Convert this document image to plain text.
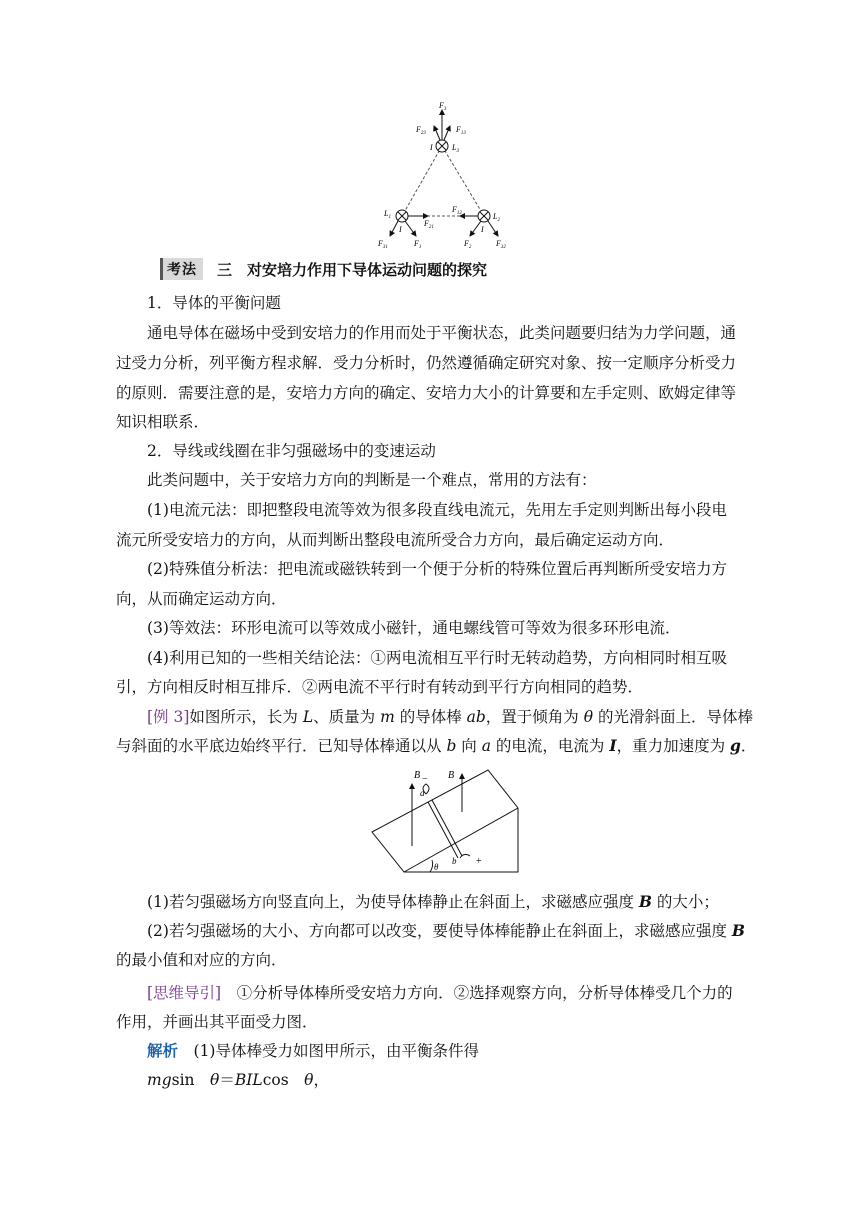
$F_3$
$F_{23}$	$F_{13}$
I $L_3$
$L_1$	$L_2$
$F_{12}$
$F_{21}$
$F_{31}$	$F_1$	$F_2$	$F_{32}$
I	I
考法	三　对安培力作用下导体运动问题的探究
1．导体的平衡问题
通电导体在磁场中受到安培力的作用而处于平衡状态，此类问题要归结为力学问题，通
过受力分析，列平衡方程求解．受力分析时，仍然遵循确定研究对象、按一定顺序分析受力
的原则．需要注意的是，安培力方向的确定、安培力大小的计算要和左手定则、欧姆定律等
知识相联系．
2．导线或线圈在非匀强磁场中的变速运动
此类问题中，关于安培力方向的判断是一个难点，常用的方法有：
(1)电流元法：即把整段电流等效为很多段直线电流元，先用左手定则判断出每小段电
流元所受安培力的方向，从而判断出整段电流所受合力方向，最后确定运动方向．
(2)特殊值分析法：把电流或磁铁转到一个便于分析的特殊位置后再判断所受安培力方
向，从而确定运动方向．
(3)等效法：环形电流可以等效成小磁针，通电螺线管可等效为很多环形电流．
(4)利用已知的一些相关结论法：①两电流相互平行时无转动趋势，方向相同时相互吸
引，方向相反时相互排斥．②两电流不平行时有转动到平行方向相同的趋势．
[例 3]如图所示，长为 L、质量为 m 的导体棒 ab，置于倾角为 θ 的光滑斜面上．导体棒
与斜面的水平底边始终平行．已知导体棒通以从 b 向 a 的电流，电流为 I，重力加速度为 g．
B	B
a
b
−
+
θ
(1)若匀强磁场方向竖直向上，为使导体棒静止在斜面上，求磁感应强度 B 的大小；
(2)若匀强磁场的大小、方向都可以改变，要使导体棒能静止在斜面上，求磁感应强度 B
的最小值和对应的方向．
[思维导引]　①分析导体棒所受安培力方向．②选择观察方向，分析导体棒受几个力的
作用，并画出其平面受力图．
解析　(1)导体棒受力如图甲所示，由平衡条件得
mgsin　θ＝BILcos　θ，
